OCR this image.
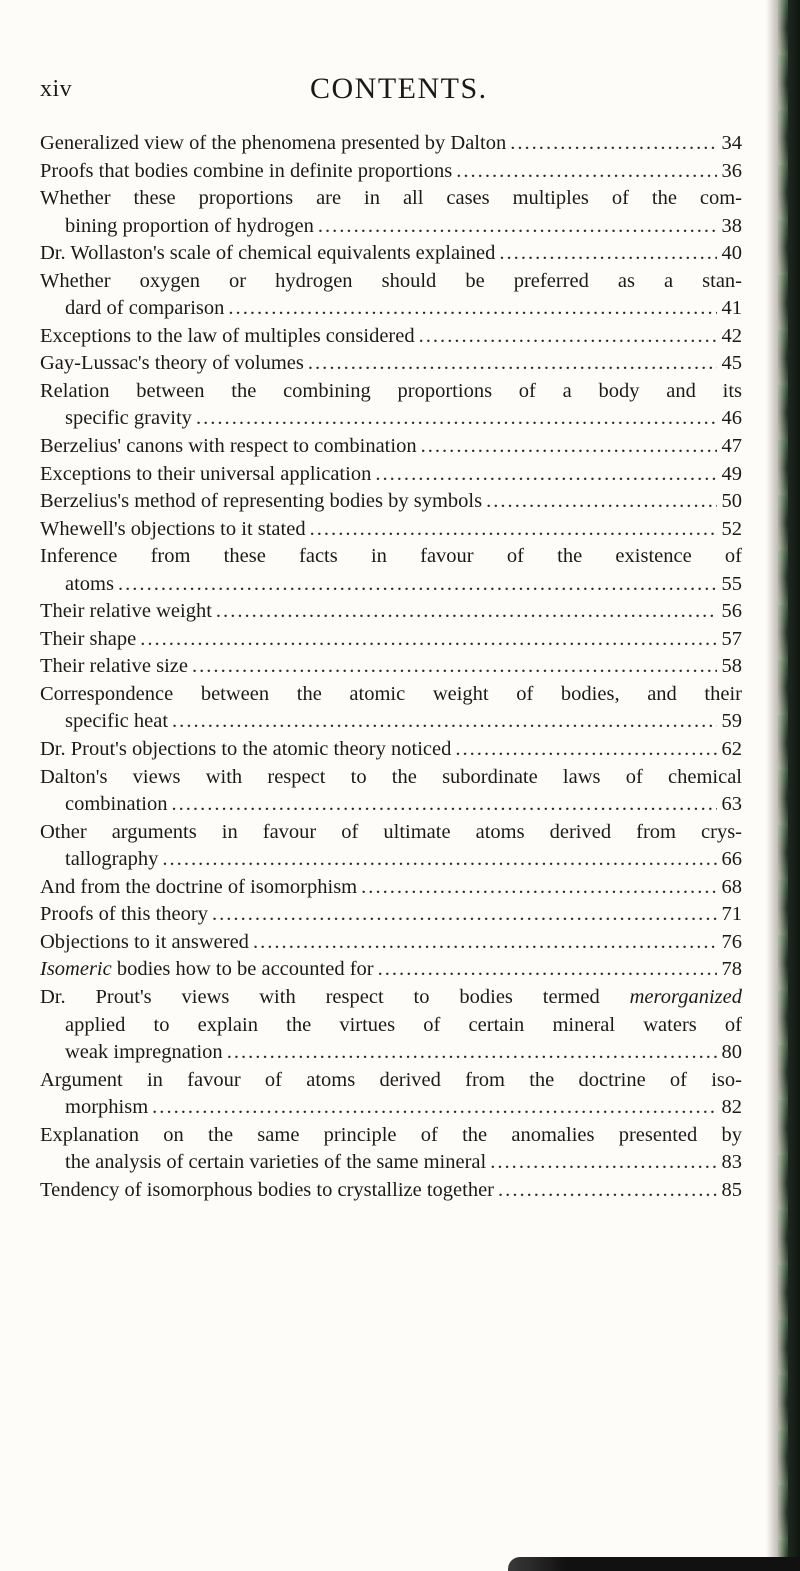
xiv	CONTENTS.
Generalized view of the phenomena presented by Dalton . . .	34
Proofs that bodies combine in definite proportions . . .	36
Whether these proportions are in all cases multiples of the com-
bining proportion of hydrogen . . .	38
Dr. Wollaston's scale of chemical equivalents explained . . .	40
Whether oxygen or hydrogen should be preferred as a stan-
dard of comparison . . .	41
Exceptions to the law of multiples considered . . .	42
Gay-Lussac's theory of volumes . . .	45
Relation between the combining proportions of a body and its
specific gravity . . .	46
Berzelius' canons with respect to combination . . .	47
Exceptions to their universal application . . .	49
Berzelius's method of representing bodies by symbols . . .	50
Whewell's objections to it stated . . .	52
Inference from these facts in favour of the existence of
atoms . . .	55
Their relative weight . . .	56
Their shape . . .	57
Their relative size . . .	58
Correspondence between the atomic weight of bodies, and their
specific heat . . .	59
Dr. Prout's objections to the atomic theory noticed . . .	62
Dalton's views with respect to the subordinate laws of chemical
combination . . .	63
Other arguments in favour of ultimate atoms derived from crys-
tallography . . .	66
And from the doctrine of isomorphism . . .	68
Proofs of this theory . . .	71
Objections to it answered . . .	76
Isomeric bodies how to be accounted for . . .	78
Dr. Prout's views with respect to bodies termed merorganized
applied to explain the virtues of certain mineral waters of
weak impregnation . . .	80
Argument in favour of atoms derived from the doctrine of iso-
morphism . . .	82
Explanation on the same principle of the anomalies presented by
the analysis of certain varieties of the same mineral . . .	83
Tendency of isomorphous bodies to crystallize together . . .	85
